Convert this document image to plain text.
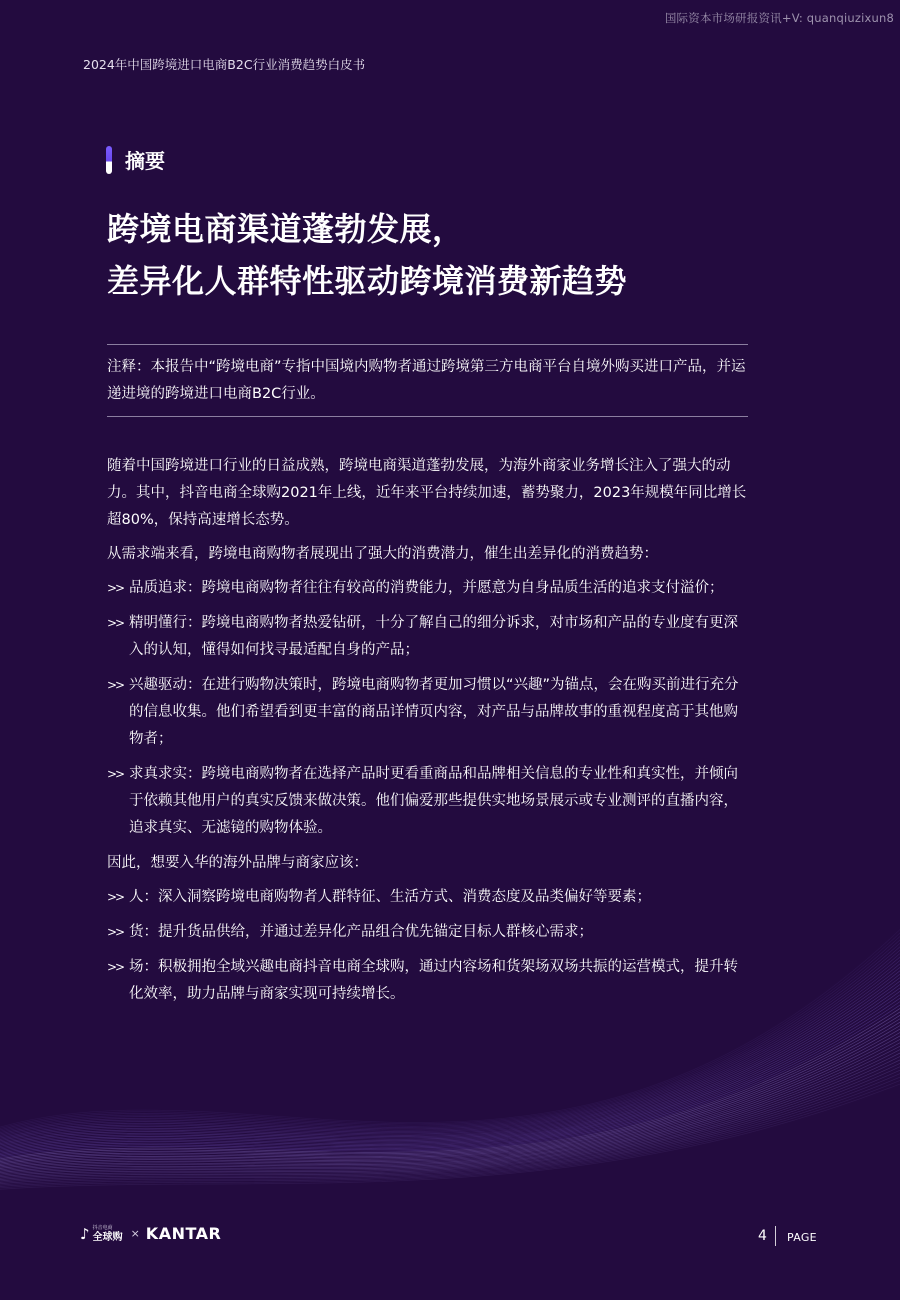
国际资本市场研报资讯+V: quanqiuzixun8
2024年中国跨境进口电商B2C行业消费趋势白皮书
摘要
跨境电商渠道蓬勃发展，
差异化人群特性驱动跨境消费新趋势
注释：本报告中“跨境电商”专指中国境内购物者通过跨境第三方电商平台自境外购买进口产品，并运递进境的跨境进口电商B2C行业。

随着中国跨境进口行业的日益成熟，跨境电商渠道蓬勃发展，为海外商家业务增长注入了强大的动力。其中，抖音电商全球购2021年上线，近年来平台持续加速，蓄势聚力，2023年规模年同比增长超80%，保持高速增长态势。

从需求端来看，跨境电商购物者展现出了强大的消费潜力，催生出差异化的消费趋势：

>> 品质追求：跨境电商购物者往往有较高的消费能力，并愿意为自身品质生活的追求支付溢价；
>> 精明懂行：跨境电商购物者热爱钻研，十分了解自己的细分诉求，对市场和产品的专业度有更深入的认知，懂得如何找寻最适配自身的产品；
>> 兴趣驱动：在进行购物决策时，跨境电商购物者更加习惯以“兴趣”为锚点，会在购买前进行充分的信息收集。他们希望看到更丰富的商品详情页内容，对产品与品牌故事的重视程度高于其他购物者；
>> 求真求实：跨境电商购物者在选择产品时更看重商品和品牌相关信息的专业性和真实性，并倾向于依赖其他用户的真实反馈来做决策。他们偏爱那些提供实地场景展示或专业测评的直播内容，追求真实、无滤镜的购物体验。

因此，想要入华的海外品牌与商家应该：

>> 人：深入洞察跨境电商购物者人群特征、生活方式、消费态度及品类偏好等要素；
>> 货：提升货品供给，并通过差异化产品组合优先锚定目标人群核心需求；
>> 场：积极拥抱全域兴趣电商抖音电商全球购，通过内容场和货架场双场共振的运营模式，提升转化效率，助力品牌与商家实现可持续增长。
♪ 抖音电商
全球购 × KANTAR	4 PAGE
